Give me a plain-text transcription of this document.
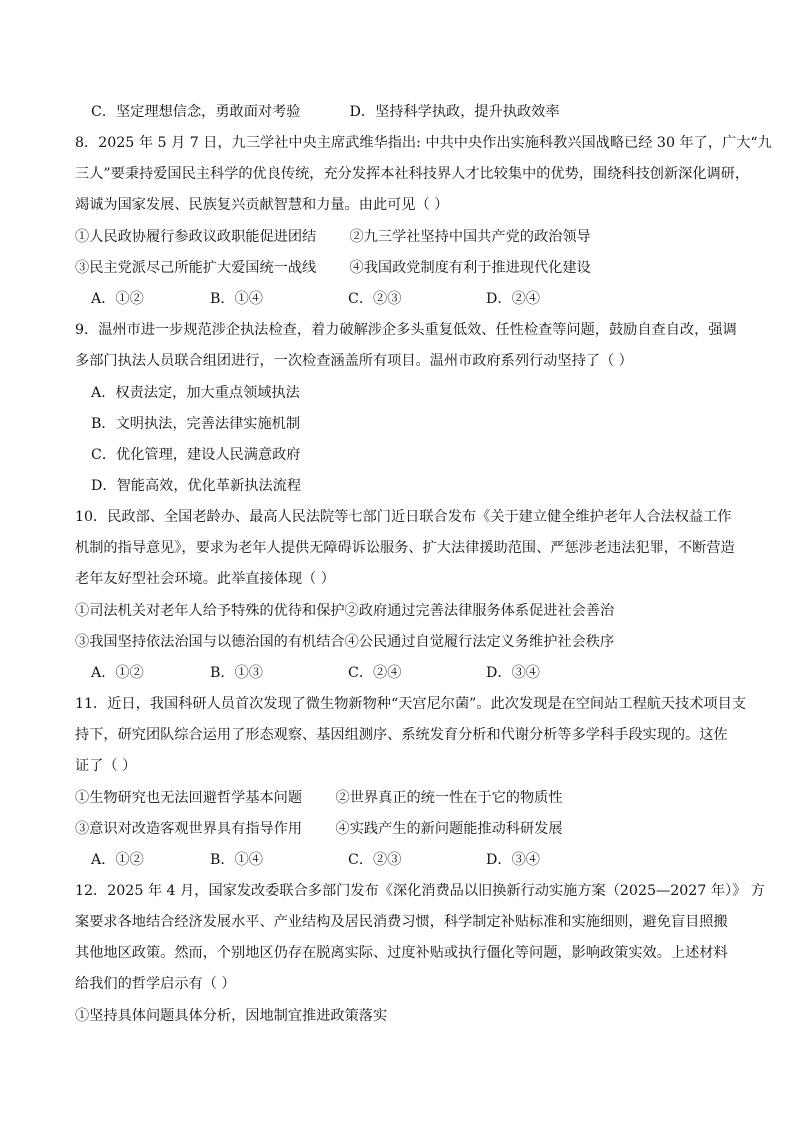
C．坚定理想信念，勇敢面对考验	D．坚持科学执政，提升执政效率
8．2025 年 5 月 7 日，九三学社中央主席武维华指出: 中共中央作出实施科教兴国战略已经 30 年了，广大“九
三人”要秉持爱国民主科学的优良传统，充分发挥本社科技界人才比较集中的优势，围绕科技创新深化调研，
竭诚为国家发展、民族复兴贡献智慧和力量。由此可见（ ）
①人民政协履行参政议政职能促进团结 ②九三学社坚持中国共产党的政治领导
③民主党派尽己所能扩大爱国统一战线 ④我国政党制度有利于推进现代化建设
A．①②	B．①④	C．②③	D．②④
9．温州市进一步规范涉企执法检查，着力破解涉企多头重复低效、任性检查等问题，鼓励自查自改，强调
多部门执法人员联合组团进行，一次检查涵盖所有项目。温州市政府系列行动坚持了（ ）
A．权责法定，加大重点领域执法
B．文明执法，完善法律实施机制
C．优化管理，建设人民满意政府
D．智能高效，优化革新执法流程
10．民政部、全国老龄办、最高人民法院等七部门近日联合发布《关于建立健全维护老年人合法权益工作
机制的指导意见》，要求为老年人提供无障碍诉讼服务、扩大法律援助范围、严惩涉老违法犯罪，不断营造
老年友好型社会环境。此举直接体现（ ）
①司法机关对老年人给予特殊的优待和保护②政府通过完善法律服务体系促进社会善治
③我国坚持依法治国与以德治国的有机结合④公民通过自觉履行法定义务维护社会秩序
A．①②	B．①③	C．②④	D．③④
11．近日，我国科研人员首次发现了微生物新物种“天宫尼尔菌”。此次发现是在空间站工程航天技术项目支
持下，研究团队综合运用了形态观察、基因组测序、系统发育分析和代谢分析等多学科手段实现的。这佐
证了（ ）
①生物研究也无法回避哲学基本问题 ②世界真正的统一性在于它的物质性
③意识对改造客观世界具有指导作用 ④实践产生的新问题能推动科研发展
A．①②	B．①④	C．②③	D．③④
12．2025 年 4 月，国家发改委联合多部门发布《深化消费品以旧换新行动实施方案（2025—2027 年）》 方
案要求各地结合经济发展水平、产业结构及居民消费习惯，科学制定补贴标准和实施细则，避免盲目照搬
其他地区政策。然而，个别地区仍存在脱离实际、过度补贴或执行僵化等问题，影响政策实效。上述材料
给我们的哲学启示有（ ）
①坚持具体问题具体分析，因地制宜推进政策落实
